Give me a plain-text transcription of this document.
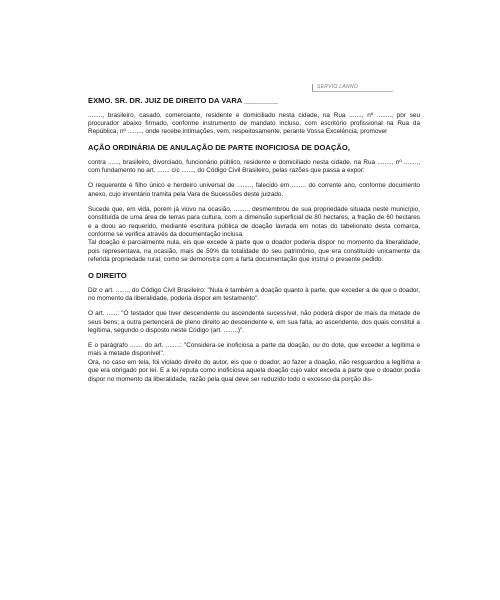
SÉRVIO LANNO

EXMO. SR. DR. JUIZ DE DIREITO DA VARA ________

........, brasileiro, casado, comerciante, residente e domiciliado nesta cidade, na Rua ......., nº ........, por seu procurador abaixo firmado, conforme instrumento de mandato incluso, com escritório profissional na Rua da República, nº ........, onde recebe intimações, vem, respeitosamente, perante Vossa Excelência, promover

AÇÃO ORDINÁRIA DE ANULAÇÃO DE PARTE INOFICIOSA DE DOAÇÃO,

contra ......, brasileiro, divorciado, funcionário público, residente e domiciliado nesta cidade, na Rua ........, nº ........, com fundamento no art. ....... c/c ......., do Código Civil Brasileiro, pelas razões que passa a expor:

O requerente é filho único e herdeiro universal de ........, falecido em ........ do corrente ano, conforme documento anexo, cujo inventário tramita pela Vara de Sucessões deste juizado.

Sucede que, em vida, porém já viúvo na ocasião, ........, desmembrou de sua propriedade situada neste município, constituída de uma área de terras para cultura, com a dimensão superficial de 80 hectares, a fração de 60 hectares e a doou ao requerido, mediante escritura pública de doação lavrada em notas do tabelionato desta comarca, conforme se verifica através da documentação inclusa.

Tal doação é parcialmente nula, eis que excede à parte que o doador poderia dispor no momento da liberalidade, pois representava, na ocasião, mais de 50% da totalidade do seu patrimônio, que era constituído unicamente da referida propriedade rural, como se demonstra com a farta documentação que instrui o presente pedido.

O DIREITO

Diz o art. ......., do Código Civil Brasileiro: "Nula é também a doação quanto à parte, que exceder a de que o doador, no momento da liberalidade, poderia dispor em testamento".

O art. ......: "O testador que tiver descendente ou ascendente sucessível, não poderá dispor de mais da metade de seus bens; a outra pertencerá de pleno direito ao descendente e, em sua falta, ao ascendente, dos quais constitui a legítima, segundo o disposto neste Código (art. ........)".

E o parágrafo ....... do art. ........: "Considera-se inoficiosa a parte da doação, ou do dote, que exceder a legítima e mais a metade disponível".

Ora, no caso em tela, foi violado direito do autor, eis que o doador, ao fazer a doação, não resguardou a legítima a que era obrigado por lei. E a lei reputa como inoficiosa aquela doação cujo valor exceda a parte que o doador podia dispor no momento da liberalidade, razão pela qual deve ser reduzido todo o excesso da porção dis-
